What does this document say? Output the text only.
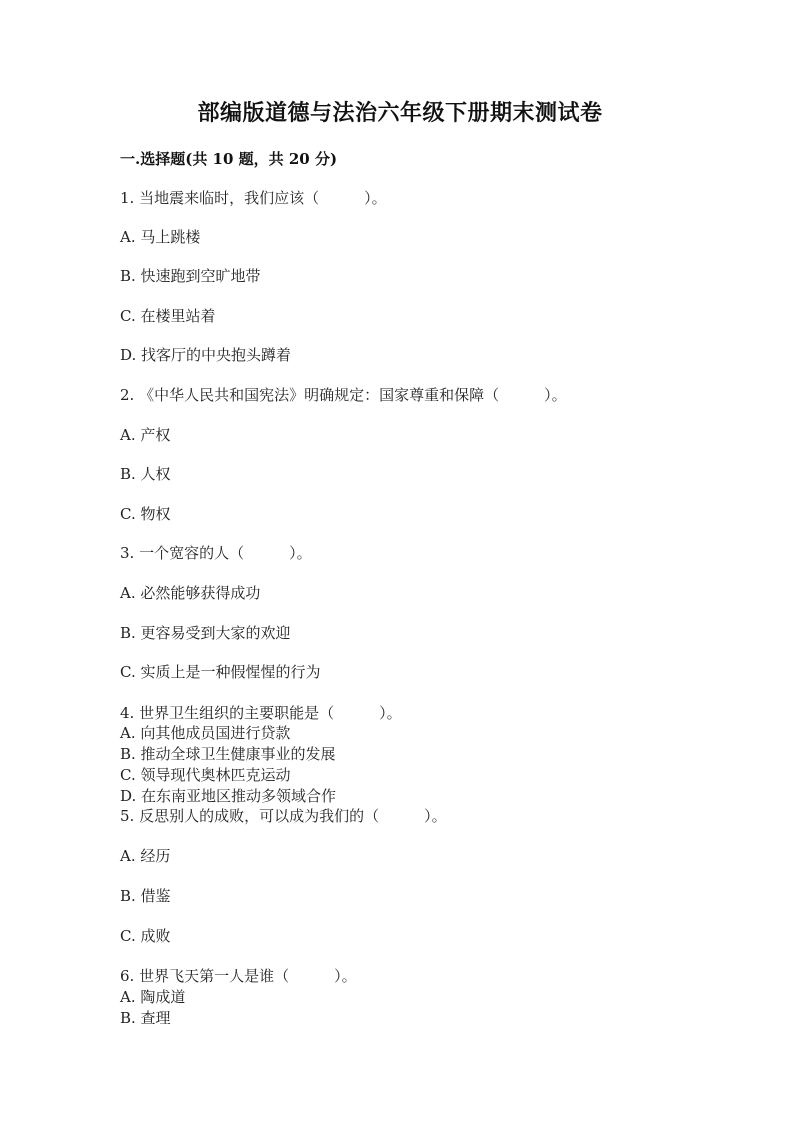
部编版道德与法治六年级下册期末测试卷
一.选择题(共 10 题，共 20 分)
1. 当地震来临时，我们应该（　　　）。
A. 马上跳楼
B. 快速跑到空旷地带
C. 在楼里站着
D. 找客厅的中央抱头蹲着
2. 《中华人民共和国宪法》明确规定：国家尊重和保障（　　　）。
A. 产权
B. 人权
C. 物权
3. 一个宽容的人（　　　）。
A. 必然能够获得成功
B. 更容易受到大家的欢迎
C. 实质上是一种假惺惺的行为
4. 世界卫生组织的主要职能是（　　　）。
A. 向其他成员国进行贷款
B. 推动全球卫生健康事业的发展
C. 领导现代奥林匹克运动
D. 在东南亚地区推动多领域合作
5. 反思别人的成败，可以成为我们的（　　　）。
A. 经历
B. 借鉴
C. 成败
6. 世界飞天第一人是谁（　　　）。
A. 陶成道
B. 查理
